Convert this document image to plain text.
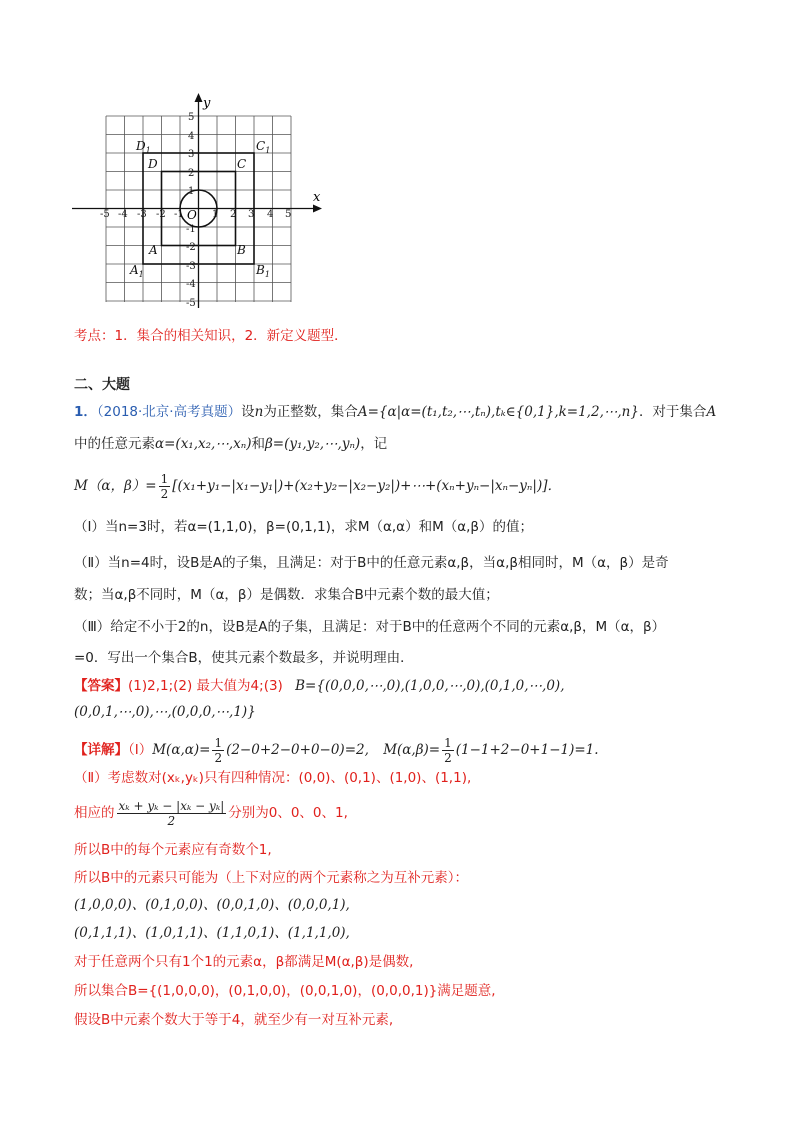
x
y
O
-5 -4 -3 -2 -1	1 2 3 4 5
5
4
3
2
1
-1
-2
-3
-4
-5
$D_1$	$C_1$
D	C
A	B
$A_1$	$B_1$
考点：1．集合的相关知识，2．新定义题型．
二、大题
1．（2018·北京·高考真题）设n为正整数，集合A={α|α=(t₁,t₂,⋯,tₙ),tₖ∈{0,1},k=1,2,⋯,n}．对于集合A
中的任意元素α=(x₁,x₂,⋯,xₙ)和β=(y₁,y₂,⋯,yₙ)，记
M（α，$\beta)= \frac{1}{2}$ [(x₁+y₁−|x₁−y₁|)+(x₂+y₂−|x₂−y₂|)+⋯+(xₙ+yₙ−|xₙ−yₙ|)]．
（Ⅰ）当n=3时，若α=(1,1,0)，β=(0,1,1)，求M（α,α）和M（α,β）的值；
（Ⅱ）当n=4时，设B是A的子集，且满足：对于B中的任意元素α,β，当α,β相同时，M（α，β）是奇
数；当α,β不同时，M（α，β）是偶数．求集合B中元素个数的最大值；
（Ⅲ）给定不小于2的n，设B是A的子集，且满足：对于B中的任意两个不同的元素α,β，M（α，β）
=0．写出一个集合B，使其元素个数最多，并说明理由．
【答案】(1)2,1;(2) 最大值为4;(3) B={(0,0,0,⋯,0),(1,0,0,⋯,0),(0,1,0,⋯,0),
(0,0,1,⋯,0),⋯,(0,0,0,⋯,1)}
【详解】（Ⅰ）M(α,α)= $\frac{1}{2} (2-0+2-0+0-0)=2$, $M(\alpha,\beta)= \frac{1}{2} (1-1+2-0+1-1)=1$.
（Ⅱ）考虑数对(xₖ,yₖ)只有四种情况：(0,0)、(0,1)、(1,0)、(1,1),
相应的 $\frac{\text{xₖ + yₖ − |xₖ − yₖ|}}{2}$ 分别为0、0、0、1,
所以B中的每个元素应有奇数个1,
所以B中的元素只可能为（上下对应的两个元素称之为互补元素）：
(1,0,0,0)、(0,1,0,0)、(0,0,1,0)、(0,0,0,1),
(0,1,1,1)、(1,0,1,1)、(1,1,0,1)、(1,1,1,0),
对于任意两个只有1个1的元素α，β都满足M(α,β)是偶数,
所以集合B={(1,0,0,0)，(0,1,0,0)，(0,0,1,0)，(0,0,0,1)}满足题意,
假设B中元素个数大于等于4，就至少有一对互补元素,
